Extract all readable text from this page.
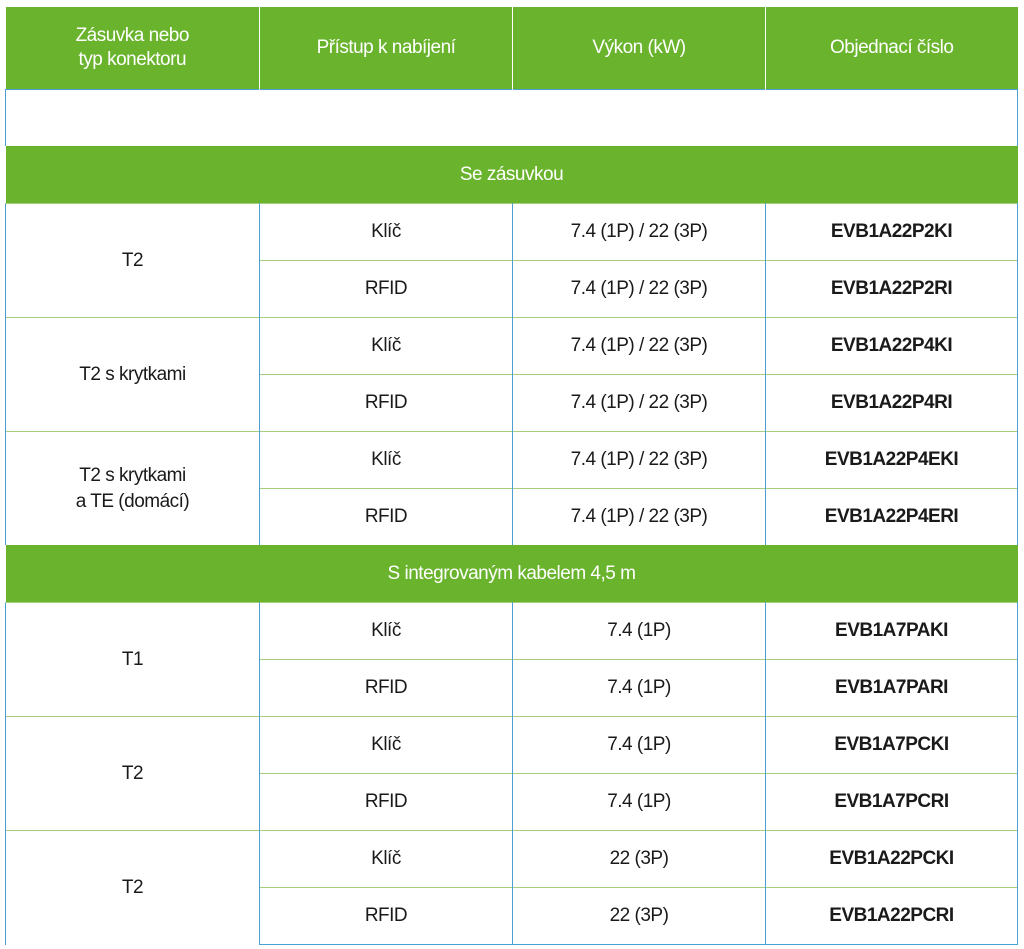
Zásuvka nebo
typ konektoru	Přístup k nabíjení	Výkon (kW)	Objednací číslo

Se zásuvkou			
T2	Klíč	7.4 (1P) / 22 (3P)	EVB1A22P2KI
	RFID	7.4 (1P) / 22 (3P)	EVB1A22P2RI
T2 s krytkami	Klíč	7.4 (1P) / 22 (3P)	EVB1A22P4KI
	RFID	7.4 (1P) / 22 (3P)	EVB1A22P4RI
T2 s krytkami
a TE (domácí)	Klíč	7.4 (1P) / 22 (3P)	EVB1A22P4EKI
	RFID	7.4 (1P) / 22 (3P)	EVB1A22P4ERI
S integrovaným kabelem 4,5 m			
T1	Klíč	7.4 (1P)	EVB1A7PAKI
	RFID	7.4 (1P)	EVB1A7PARI
T2	Klíč	7.4 (1P)	EVB1A7PCKI
	RFID	7.4 (1P)	EVB1A7PCRI
T2	Klíč	22 (3P)	EVB1A22PCKI
	RFID	22 (3P)	EVB1A22PCRI
